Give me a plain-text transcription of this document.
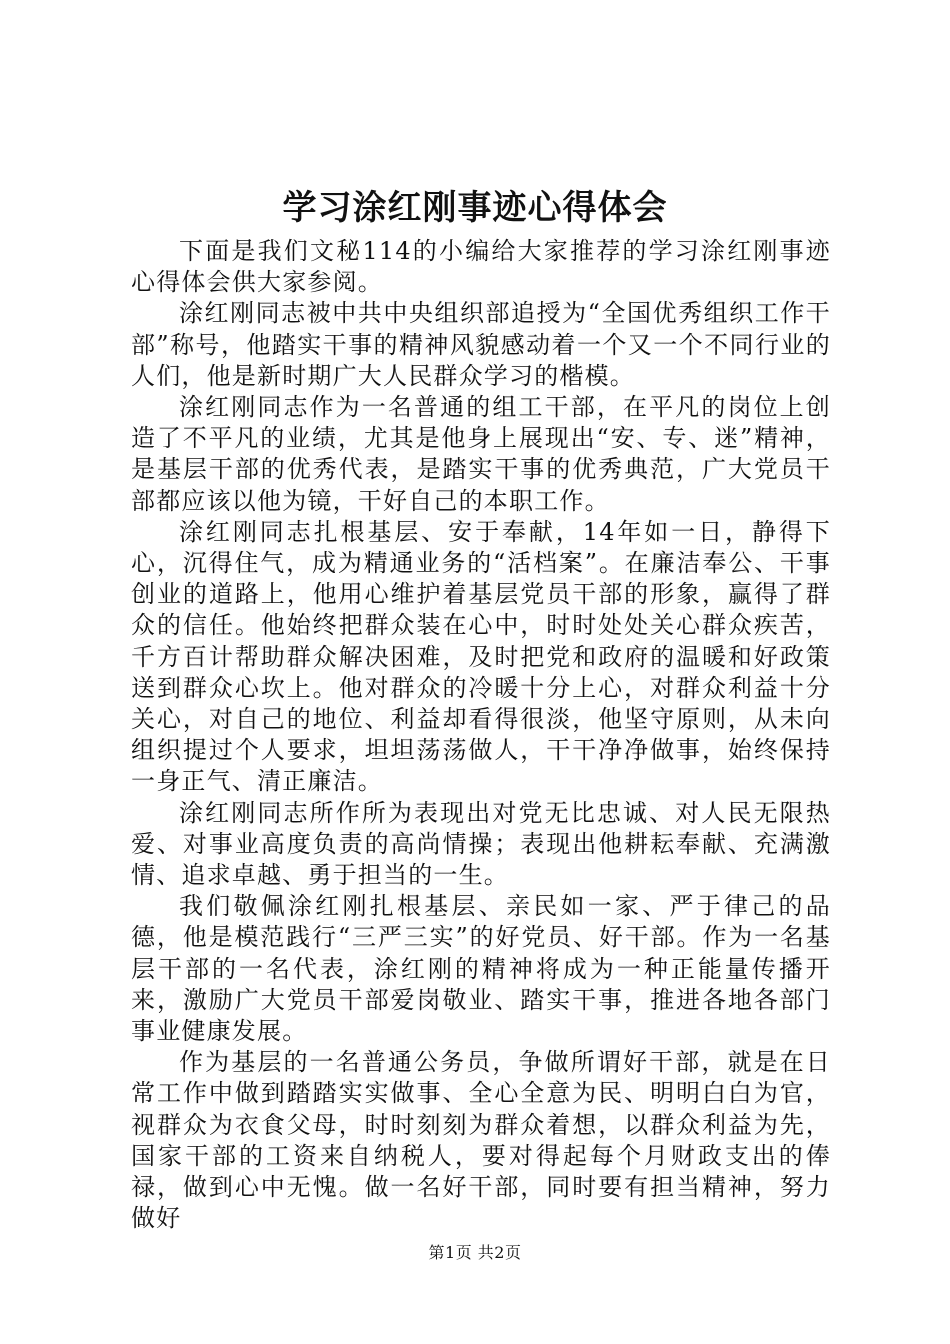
学习涂红刚事迹心得体会

下面是我们文秘114的小编给大家推荐的学习涂红刚事迹心得体会供大家参阅。

涂红刚同志被中共中央组织部追授为“全国优秀组织工作干部”称号，他踏实干事的精神风貌感动着一个又一个不同行业的人们，他是新时期广大人民群众学习的楷模。

涂红刚同志作为一名普通的组工干部，在平凡的岗位上创造了不平凡的业绩，尤其是他身上展现出“安、专、迷”精神，是基层干部的优秀代表，是踏实干事的优秀典范，广大党员干部都应该以他为镜，干好自己的本职工作。

涂红刚同志扎根基层、安于奉献，14年如一日，静得下心，沉得住气，成为精通业务的“活档案”。在廉洁奉公、干事创业的道路上，他用心维护着基层党员干部的形象，赢得了群众的信任。他始终把群众装在心中，时时处处关心群众疾苦，千方百计帮助群众解决困难，及时把党和政府的温暖和好政策送到群众心坎上。他对群众的冷暖十分上心，对群众利益十分关心，对自己的地位、利益却看得很淡，他坚守原则，从未向组织提过个人要求，坦坦荡荡做人，干干净净做事，始终保持一身正气、清正廉洁。

涂红刚同志所作所为表现出对党无比忠诚、对人民无限热爱、对事业高度负责的高尚情操；表现出他耕耘奉献、充满激情、追求卓越、勇于担当的一生。

我们敬佩涂红刚扎根基层、亲民如一家、严于律己的品德，他是模范践行“三严三实”的好党员、好干部。作为一名基层干部的一名代表，涂红刚的精神将成为一种正能量传播开来，激励广大党员干部爱岗敬业、踏实干事，推进各地各部门事业健康发展。

作为基层的一名普通公务员，争做所谓好干部，就是在日常工作中做到踏踏实实做事、全心全意为民、明明白白为官，视群众为衣食父母，时时刻刻为群众着想，以群众利益为先，国家干部的工资来自纳税人，要对得起每个月财政支出的俸禄，做到心中无愧。做一名好干部，同时要有担当精神，努力做好

第1页 共2页
